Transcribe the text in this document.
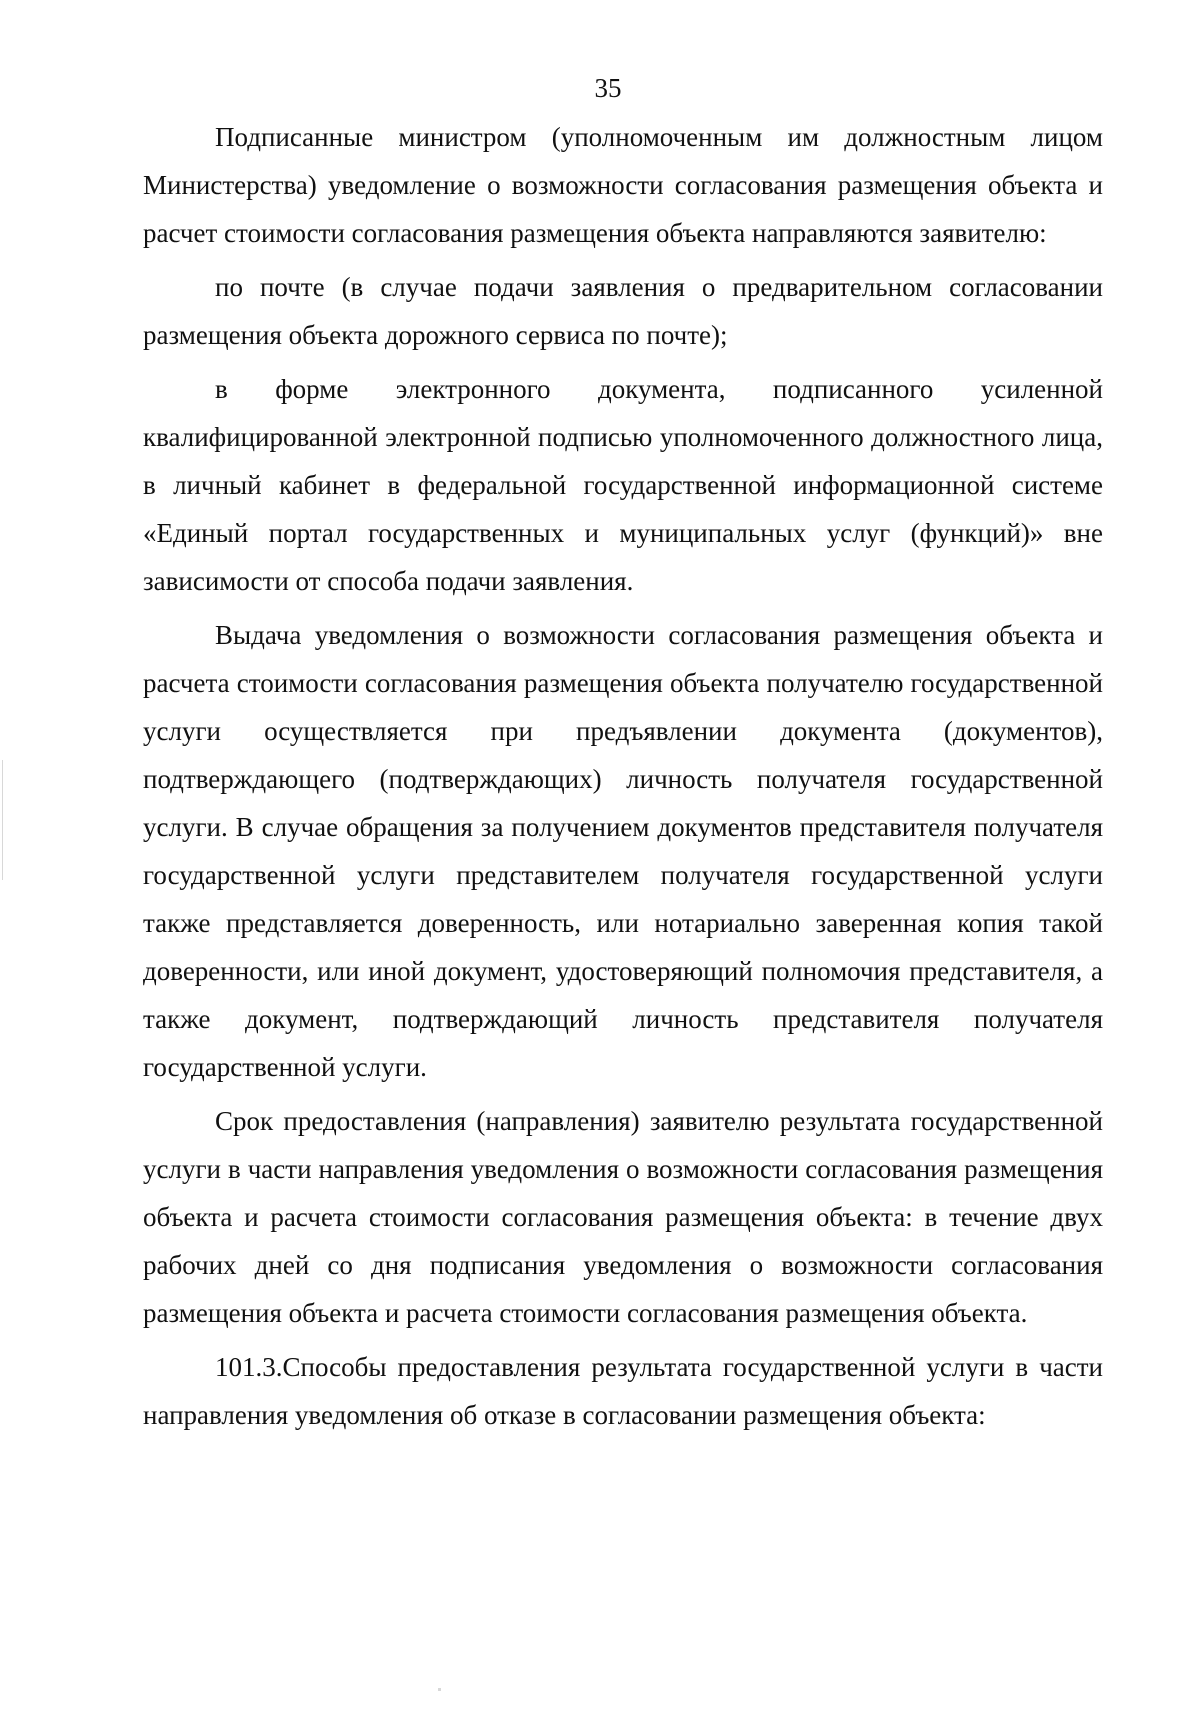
35

Подписанные министром (уполномоченным им должностным лицом Министерства) уведомление о возможности согласования размещения объекта и расчет стоимости согласования размещения объекта направляются заявителю:

по почте (в случае подачи заявления о предварительном согласовании размещения объекта дорожного сервиса по почте);

в форме электронного документа, подписанного усиленной квалифицированной электронной подписью уполномоченного должностного лица, в личный кабинет в федеральной государственной информационной системе «Единый портал государственных и муниципальных услуг (функций)» вне зависимости от способа подачи заявления.

Выдача уведомления о возможности согласования размещения объекта и расчета стоимости согласования размещения объекта получателю государственной услуги осуществляется при предъявлении документа (документов), подтверждающего (подтверждающих) личность получателя государственной услуги. В случае обращения за получением документов представителя получателя государственной услуги представителем получателя государственной услуги также представляется доверенность, или нотариально заверенная копия такой доверенности, или иной документ, удостоверяющий полномочия представителя, а также документ, подтверждающий личность представителя получателя государственной услуги.

Срок предоставления (направления) заявителю результата государственной услуги в части направления уведомления о возможности согласования размещения объекта и расчета стоимости согласования размещения объекта: в течение двух рабочих дней со дня подписания уведомления о возможности согласования размещения объекта и расчета стоимости согласования размещения объекта.

101.3.Способы предоставления результата государственной услуги в части направления уведомления об отказе в согласовании размещения объекта:
